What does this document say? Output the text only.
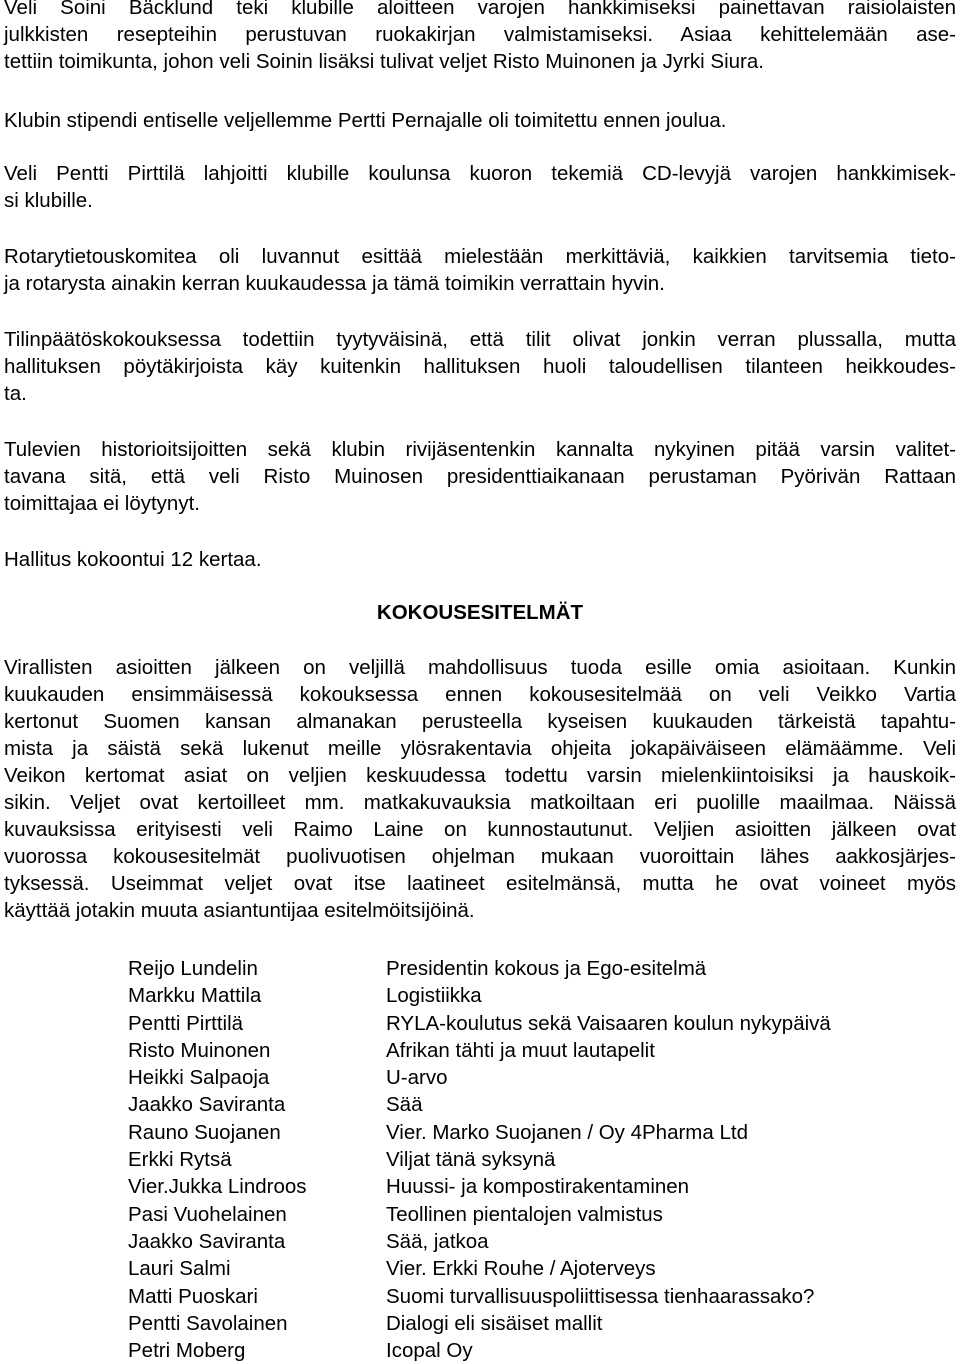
Veli Soini Bäcklund teki klubille aloitteen varojen hankkimiseksi painettavan raisiolaisten
julkkisten resepteihin perustuvan ruokakirjan valmistamiseksi. Asiaa kehittelemään ase-
tettiin toimikunta, johon veli Soinin lisäksi tulivat veljet Risto Muinonen ja Jyrki Siura.

Klubin stipendi entiselle veljellemme Pertti Pernajalle oli toimitettu ennen joulua.

Veli Pentti Pirttilä lahjoitti klubille koulunsa kuoron tekemiä CD-levyjä varojen hankkimisek-
si klubille.

Rotarytietouskomitea oli luvannut esittää mielestään merkittäviä, kaikkien tarvitsemia tieto-
ja rotarysta ainakin kerran kuukaudessa ja tämä toimikin verrattain hyvin.

Tilinpäätöskokouksessa todettiin tyytyväisinä, että tilit olivat jonkin verran plussalla, mutta
hallituksen pöytäkirjoista käy kuitenkin hallituksen huoli taloudellisen tilanteen heikkoudes-
ta.

Tulevien historioitsijoitten sekä klubin rivijäsentenkin kannalta nykyinen pitää varsin valitet-
tavana sitä, että veli Risto Muinosen presidenttiaikanaan perustaman Pyörivän Rattaan
toimittajaa ei löytynyt.

Hallitus kokoontui 12 kertaa.

KOKOUSESITELMÄT

Virallisten asioitten jälkeen on veljillä mahdollisuus tuoda esille omia asioitaan. Kunkin
kuukauden ensimmäisessä kokouksessa ennen kokousesitelmää on veli Veikko Vartia
kertonut Suomen kansan almanakan perusteella kyseisen kuukauden tärkeistä tapahtu-
mista ja säistä sekä lukenut meille ylösrakentavia ohjeita jokapäiväiseen elämäämme. Veli
Veikon kertomat asiat on veljien keskuudessa todettu varsin mielenkiintoisiksi ja hauskoik-
sikin. Veljet ovat kertoilleet mm. matkakuvauksia matkoiltaan eri puolille maailmaa. Näissä
kuvauksissa erityisesti veli Raimo Laine on kunnostautunut. Veljien asioitten jälkeen ovat
vuorossa kokousesitelmät puolivuotisen ohjelman mukaan vuoroittain lähes aakkosjärjes-
tyksessä. Useimmat veljet ovat itse laatineet esitelmänsä, mutta he ovat voineet myös
käyttää jotakin muuta asiantuntijaa esitelmöitsijöinä.

Reijo Lundelin	Presidentin kokous ja Ego-esitelmä
Markku Mattila	Logistiikka
Pentti Pirttilä	RYLA-koulutus sekä Vaisaaren koulun nykypäivä
Risto Muinonen	Afrikan tähti ja muut lautapelit
Heikki Salpaoja	U-arvo
Jaakko Saviranta	Sää
Rauno Suojanen	Vier. Marko Suojanen / Oy 4Pharma Ltd
Erkki Rytsä	Viljat tänä syksynä
Vier.Jukka Lindroos	Huussi- ja kompostirakentaminen
Pasi Vuohelainen	Teollinen pientalojen valmistus
Jaakko Saviranta	Sää, jatkoa
Lauri Salmi	Vier. Erkki Rouhe / Ajoterveys
Matti Puoskari	Suomi turvallisuuspoliittisessa tienhaarassako?
Pentti Savolainen	Dialogi eli sisäiset mallit
Petri Moberg	Icopal Oy
